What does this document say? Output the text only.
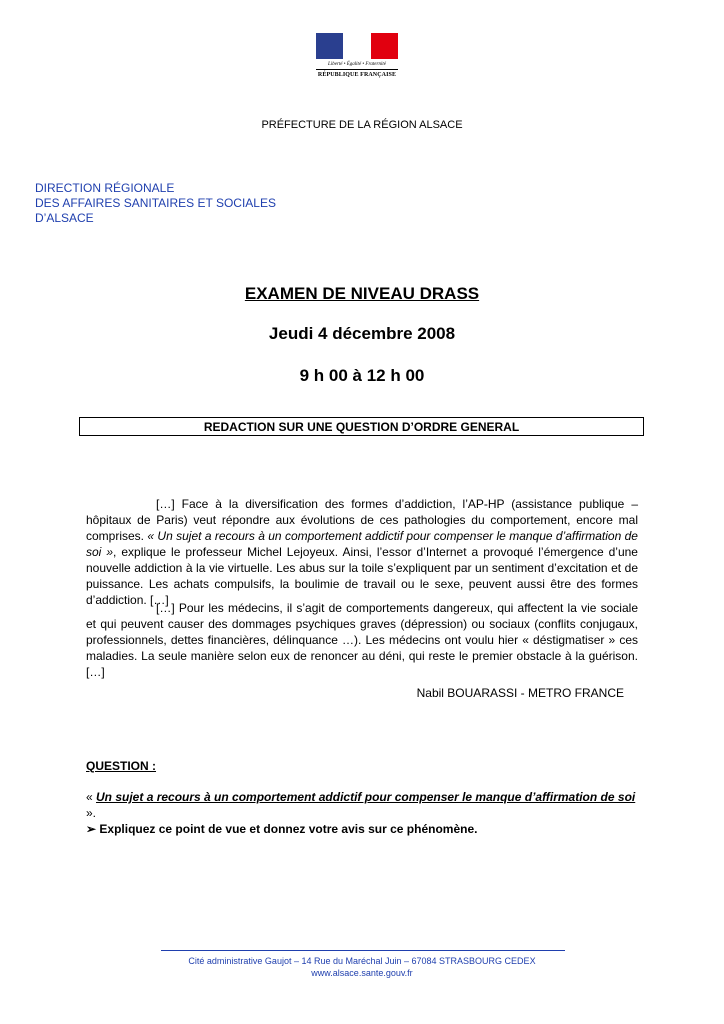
Liberté • Égalité • Fraternité
RÉPUBLIQUE FRANÇAISE
PRÉFECTURE DE LA RÉGION ALSACE
DIRECTION RÉGIONALE
DES AFFAIRES SANITAIRES ET SOCIALES
D’ALSACE
EXAMEN DE NIVEAU DRASS
Jeudi 4 décembre 2008
9 h 00 à 12 h 00
REDACTION SUR UNE QUESTION D’ORDRE GENERAL
[…] Face à la diversification des formes d’addiction, l’AP-HP (assistance publique – hôpitaux de Paris) veut répondre aux évolutions de ces pathologies du comportement, encore mal comprises. « Un sujet a recours à un comportement addictif pour compenser le manque d’affirmation de soi », explique le professeur Michel Lejoyeux. Ainsi, l’essor d’Internet a provoqué l’émergence d’une nouvelle addiction à la vie virtuelle. Les abus sur la toile s’expliquent par un sentiment d’excitation et de puissance. Les achats compulsifs, la boulimie de travail ou le sexe, peuvent aussi être des formes d’addiction. […]
[…] Pour les médecins, il s’agit de comportements dangereux, qui affectent la vie sociale et qui peuvent causer des dommages psychiques graves (dépression) ou sociaux (conflits conjugaux, professionnels, dettes financières, délinquance …). Les médecins ont voulu hier « déstigmatiser » ces maladies. La seule manière selon eux de renoncer au déni, qui reste le premier obstacle à la guérison.[…]
Nabil BOUARASSI - METRO FRANCE
QUESTION :
« Un sujet a recours à un comportement addictif pour compenser le manque d’affirmation de soi ».
➢ Expliquez ce point de vue et donnez votre avis sur ce phénomène.
Cité administrative Gaujot – 14 Rue du Maréchal Juin – 67084 STRASBOURG CEDEX
www.alsace.sante.gouv.fr
